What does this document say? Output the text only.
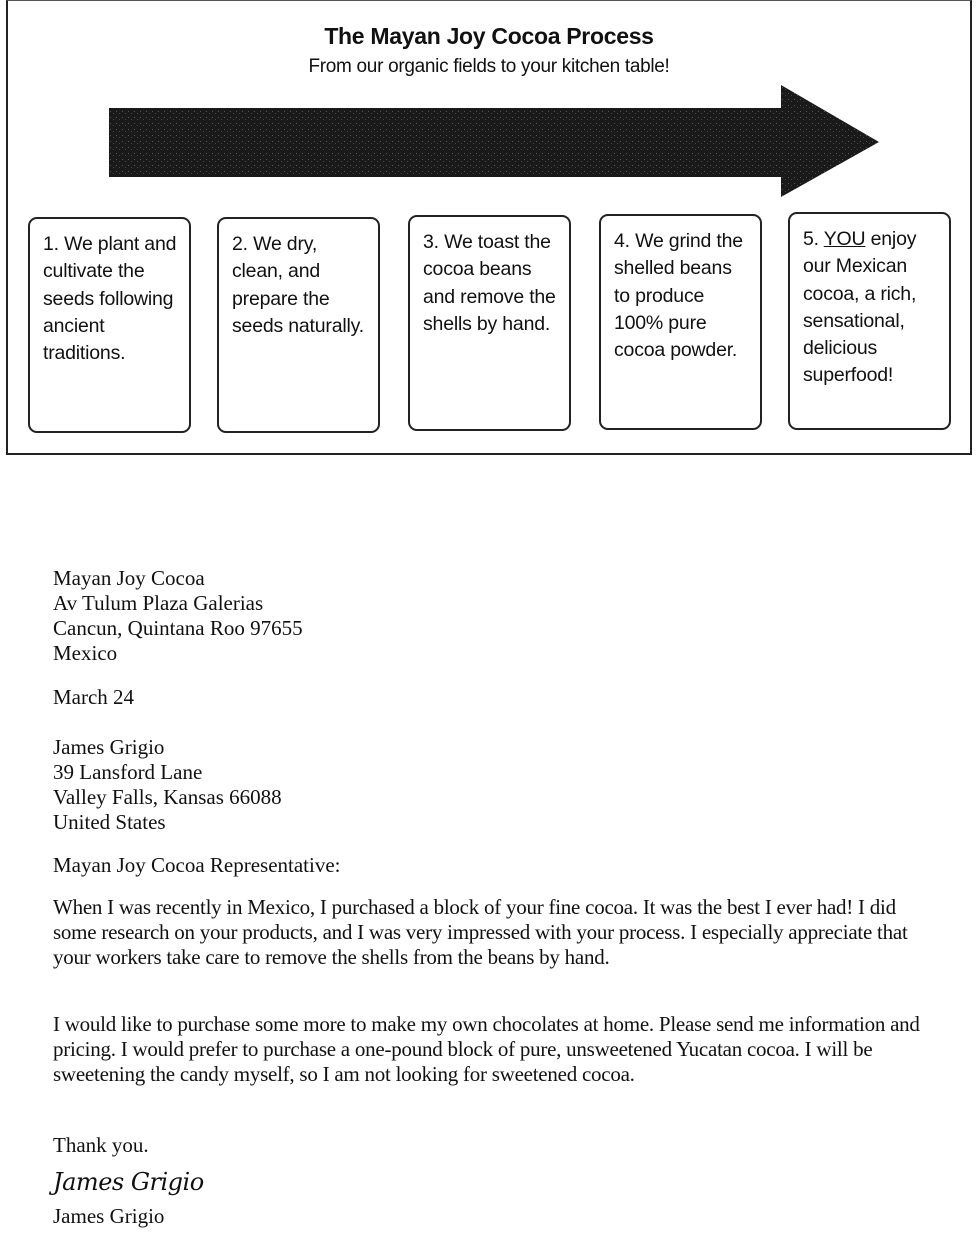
The Mayan Joy Cocoa Process
From our organic fields to your kitchen table!
1. We plant and cultivate the seeds following ancient traditions.
2. We dry, clean, and prepare the seeds naturally.
3. We toast the cocoa beans and remove the shells by hand.
4. We grind the shelled beans to produce 100% pure cocoa powder.
5. YOU enjoy our Mexican cocoa, a rich, sensational, delicious superfood!
Mayan Joy Cocoa
Av Tulum Plaza Galerias
Cancun, Quintana Roo 97655
Mexico
March 24
James Grigio
39 Lansford Lane
Valley Falls, Kansas 66088
United States
Mayan Joy Cocoa Representative:
When I was recently in Mexico, I purchased a block of your fine cocoa. It was the best I ever had! I did some research on your products, and I was very impressed with your process. I especially appreciate that your workers take care to remove the shells from the beans by hand.
I would like to purchase some more to make my own chocolates at home. Please send me information and pricing. I would prefer to purchase a one-pound block of pure, unsweetened Yucatan cocoa. I will be sweetening the candy myself, so I am not looking for sweetened cocoa.
Thank you.
James Grigio
James Grigio
